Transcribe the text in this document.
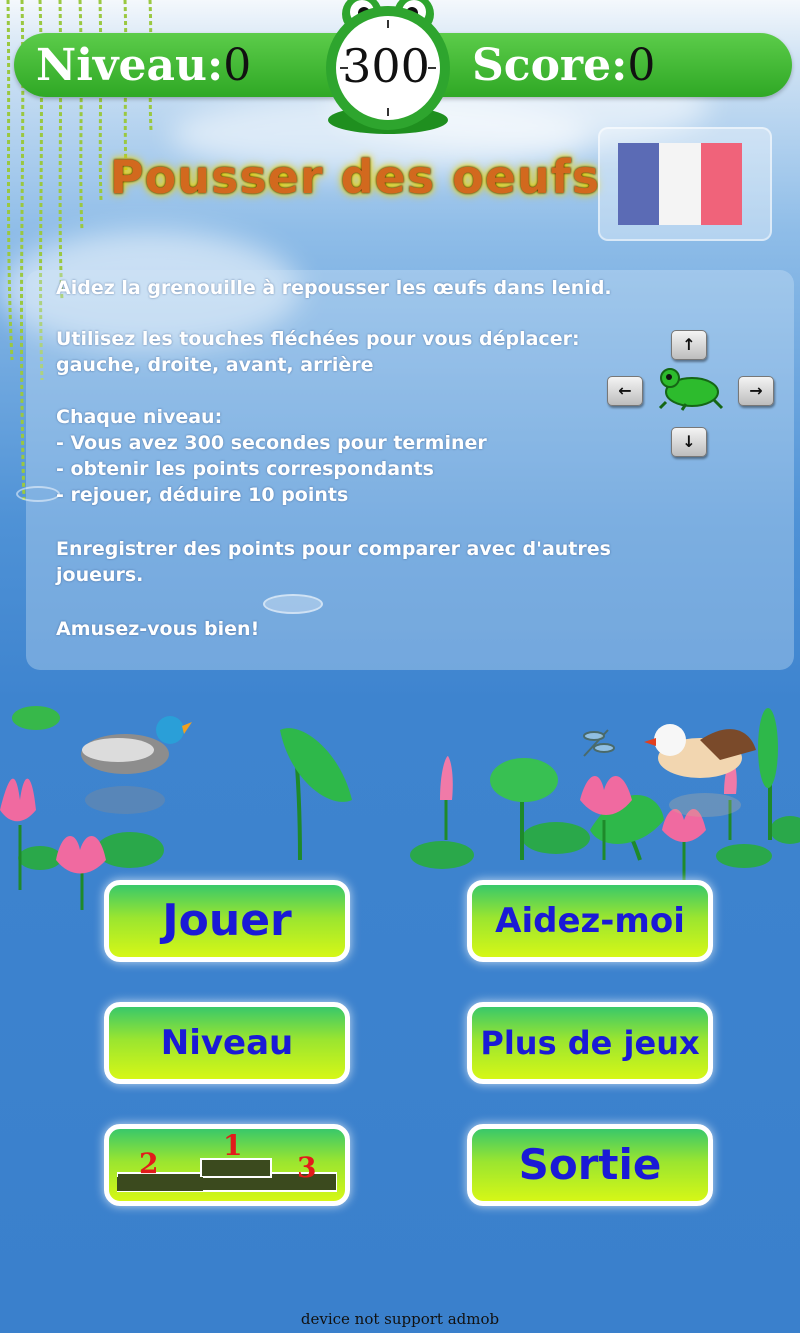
Niveau:0	Score:0
300
Pousser des oeufs
Aidez la grenouille à repousser les œufs dans lenid.
Utilisez les touches fléchées pour vous déplacer:
gauche, droite, avant, arrière
Chaque niveau:
- Vous avez 300 secondes pour terminer
- obtenir les points correspondants
- rejouer, déduire 10 points
Enregistrer des points pour comparer avec d'autres
joueurs.
Amusez-vous bien!
↑
←	→
↓
Jouer	Aidez-moi
Niveau	Plus de jeux
2
1
3	Sortie
device not support admob
